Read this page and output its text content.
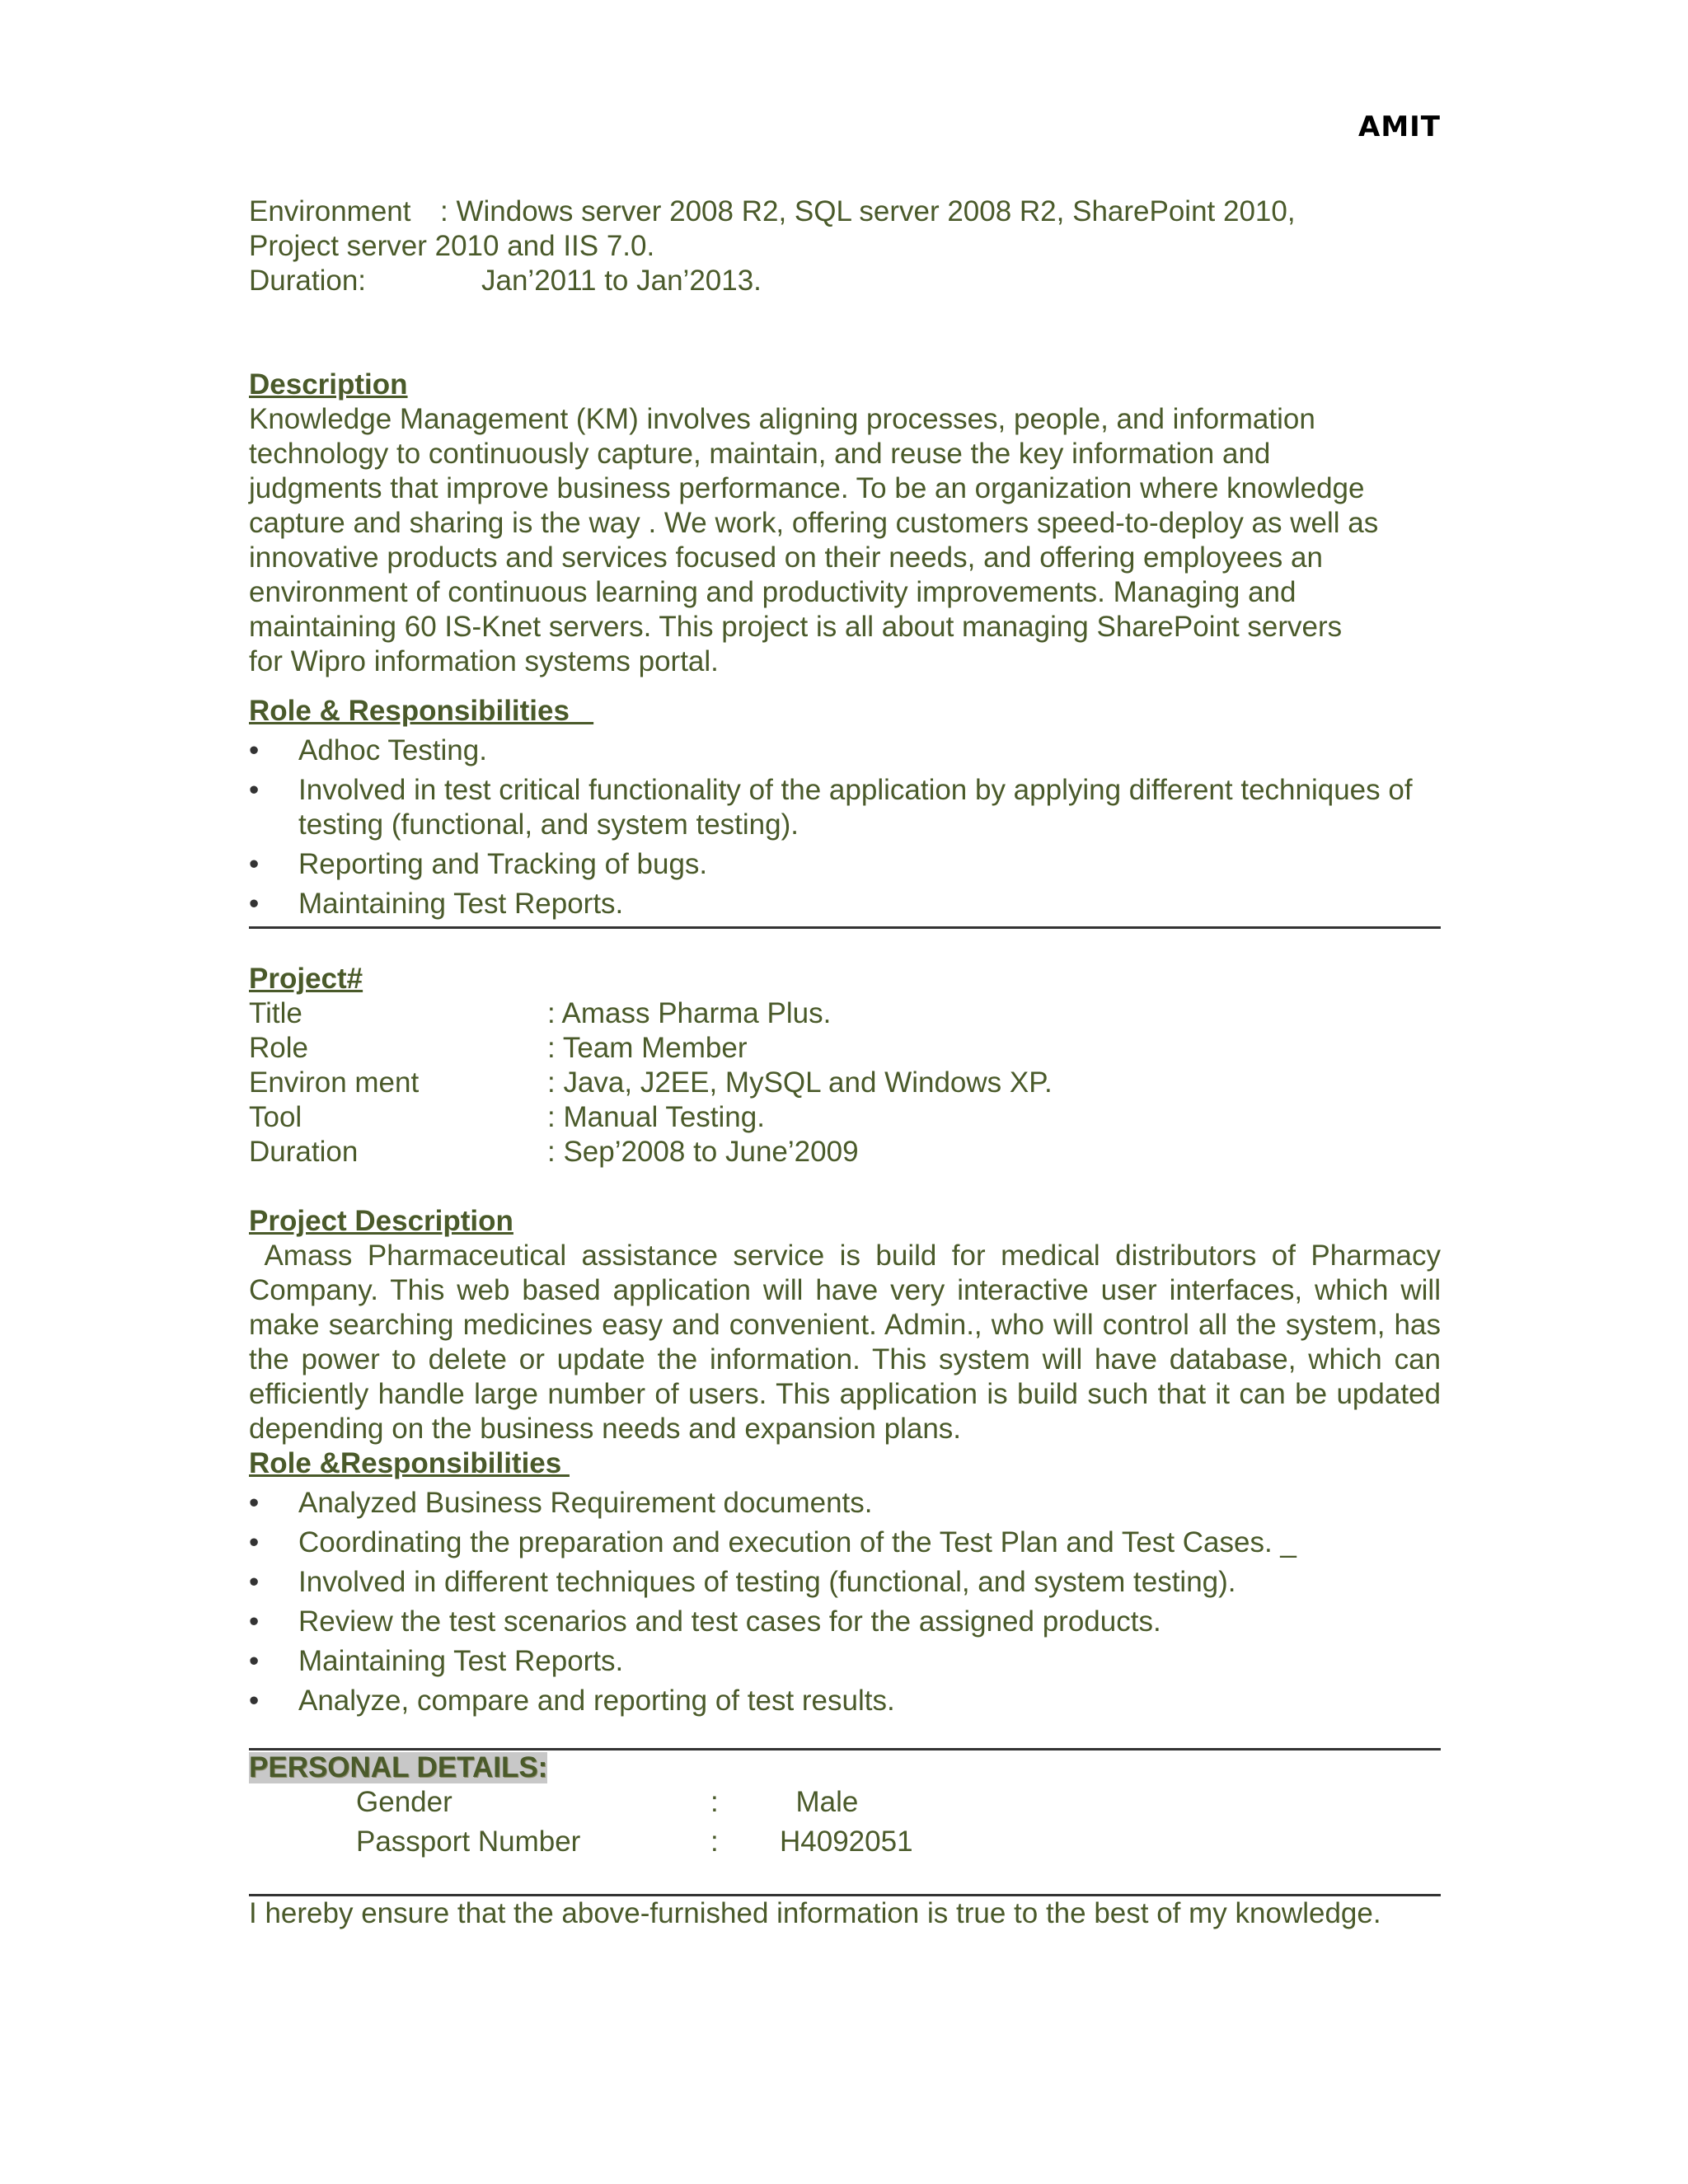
AMIT
Environment : Windows server 2008 R2, SQL server 2008 R2, SharePoint 2010,
Project server 2010 and IIS 7.0.
Duration:	Jan’2011 to Jan’2013.
Description
Knowledge Management (KM) involves aligning processes, people, and information
technology to continuously capture, maintain, and reuse the key information and
judgments that improve business performance. To be an organization where knowledge
capture and sharing is the way . We work, offering customers speed-to-deploy as well as
innovative products and services focused on their needs, and offering employees an
environment of continuous learning and productivity improvements. Managing and
maintaining 60 IS-Knet servers. This project is all about managing SharePoint servers
for Wipro information systems portal.
Role & Responsibilities
• Adhoc Testing.
• Involved in test critical functionality of the application by applying different techniques of testing (functional, and system testing).
• Reporting and Tracking of bugs.
• Maintaining Test Reports.
Project#
Title	: Amass Pharma Plus.
Role	: Team Member
Environ ment	: Java, J2EE, MySQL and Windows XP.
Tool	: Manual Testing.
Duration	: Sep’2008 to June’2009
Project Description
Amass Pharmaceutical assistance service is build for medical distributors of Pharmacy Company. This web based application will have very interactive user interfaces, which will make searching medicines easy and convenient. Admin., who will control all the system, has the power to delete or update the information. This system will have database, which can efficiently handle large number of users. This application is build such that it can be updated depending on the business needs and expansion plans.
Role &Responsibilities
• Analyzed Business Requirement documents.
• Coordinating the preparation and execution of the Test Plan and Test Cases. _
• Involved in different techniques of testing (functional, and system testing).
• Review the test scenarios and test cases for the assigned products.
• Maintaining Test Reports.
• Analyze, compare and reporting of test results.
PERSONAL DETAILS:
Gender	:	Male
Passport Number	:	H4092051
I hereby ensure that the above-furnished information is true to the best of my knowledge.
